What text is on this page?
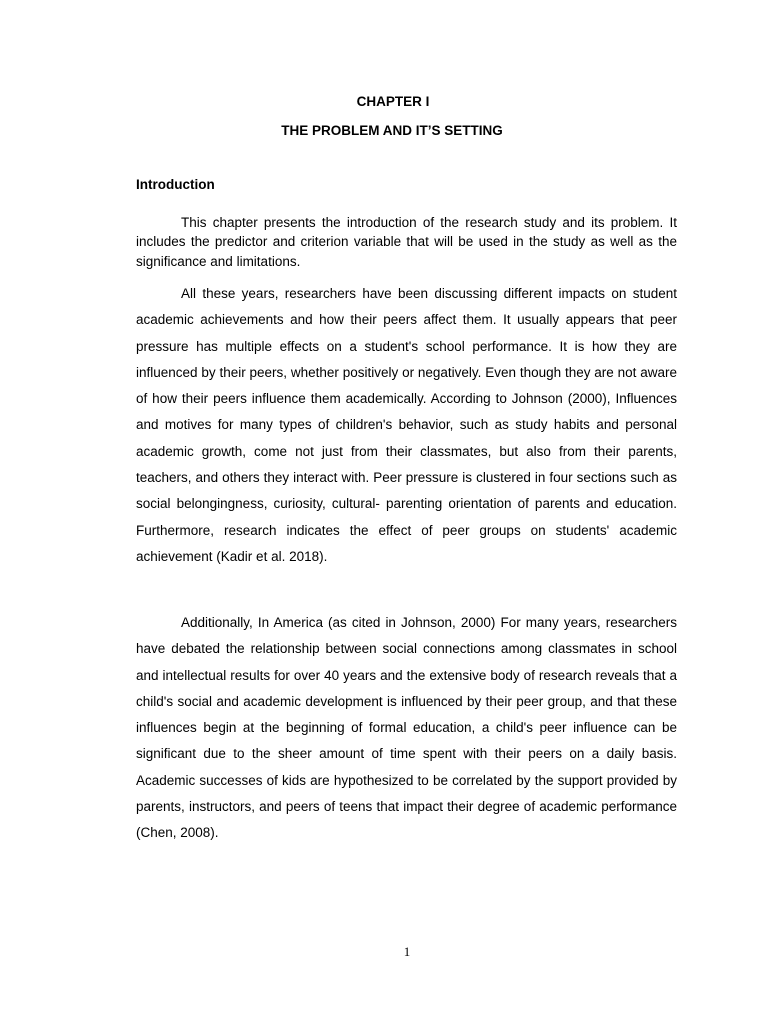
CHAPTER I
THE PROBLEM AND IT’S SETTING
Introduction

This chapter presents the introduction of the research study and its problem. It includes the predictor and criterion variable that will be used in the study as well as the significance and limitations.

All these years, researchers have been discussing different impacts on student academic achievements and how their peers affect them. It usually appears that peer pressure has multiple effects on a student's school performance. It is how they are influenced by their peers, whether positively or negatively. Even though they are not aware of how their peers influence them academically. According to Johnson (2000), Influences and motives for many types of children's behavior, such as study habits and personal academic growth, come not just from their classmates, but also from their parents, teachers, and others they interact with. Peer pressure is clustered in four sections such as social belongingness, curiosity, cultural- parenting orientation of parents and education. Furthermore, research indicates the effect of peer groups on students' academic achievement (Kadir et al. 2018).

Additionally, In America (as cited in Johnson, 2000) For many years, researchers have debated the relationship between social connections among classmates in school and intellectual results for over 40 years and the extensive body of research reveals that a child's social and academic development is influenced by their peer group, and that these influences begin at the beginning of formal education, a child's peer influence can be significant due to the sheer amount of time spent with their peers on a daily basis. Academic successes of kids are hypothesized to be correlated by the support provided by parents, instructors, and peers of teens that impact their degree of academic performance (Chen, 2008).

1
